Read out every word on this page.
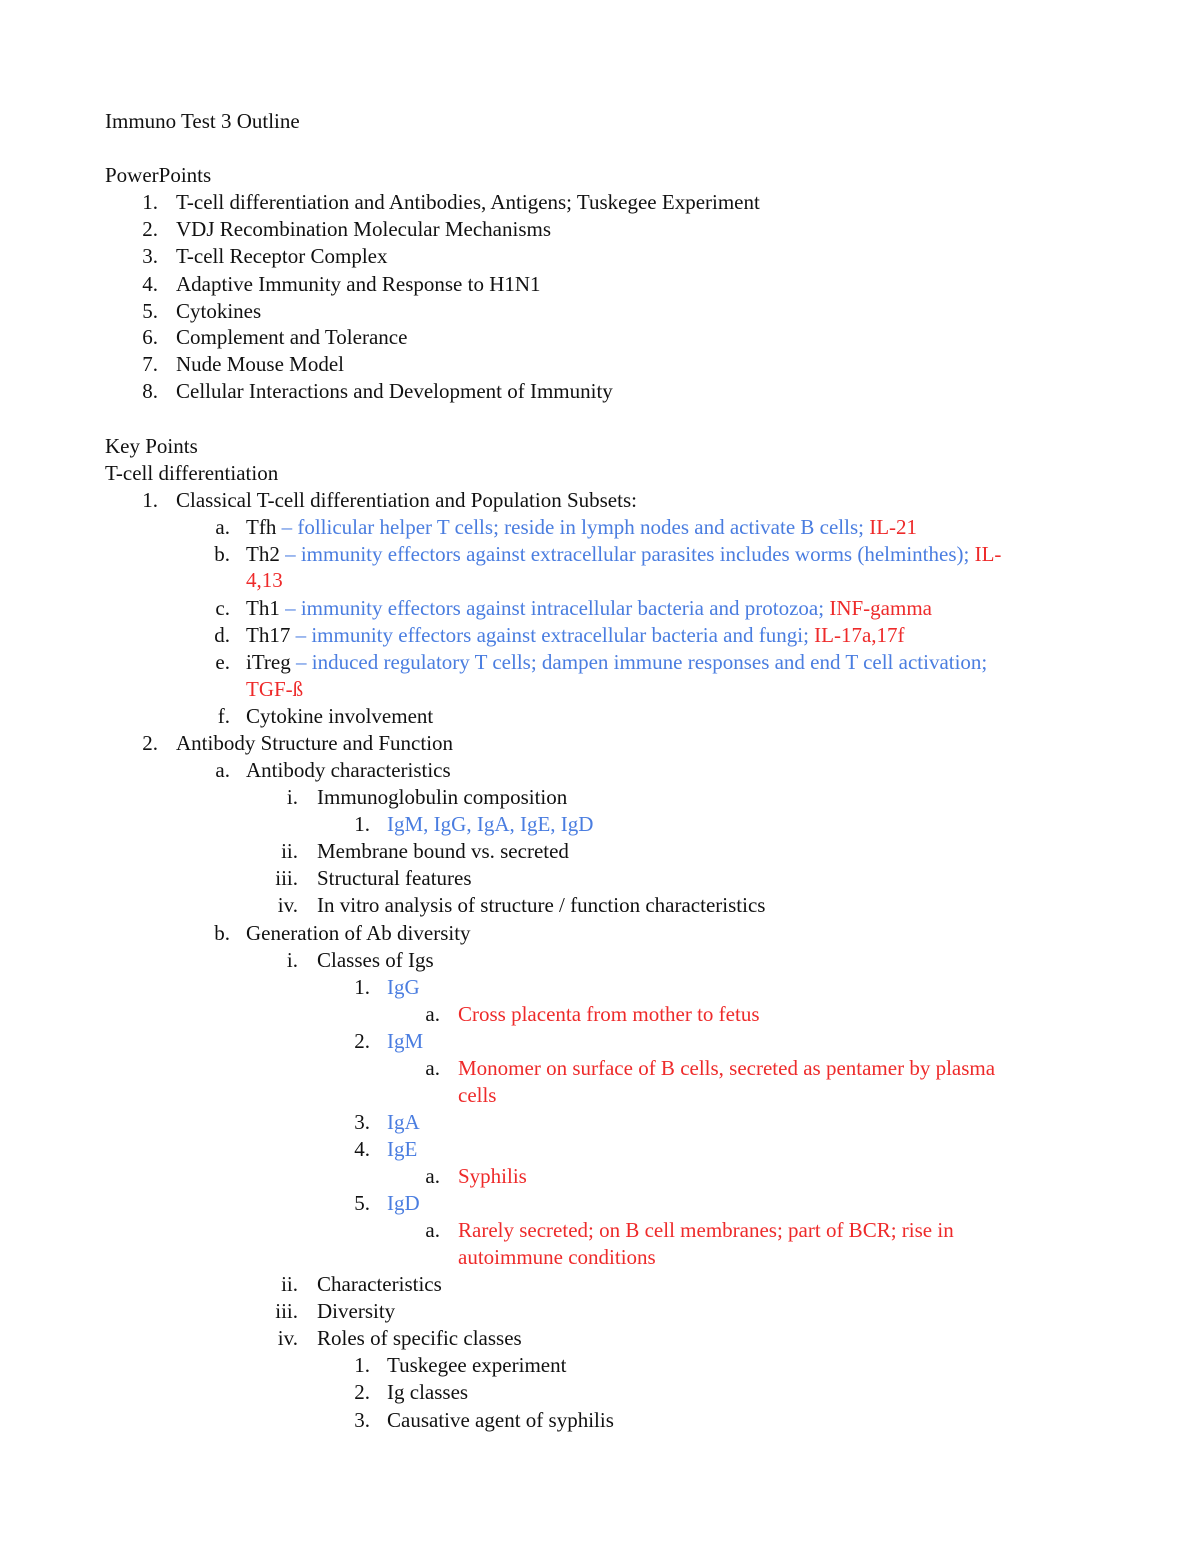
Immuno Test 3 Outline
PowerPoints
1. T-cell differentiation and Antibodies, Antigens; Tuskegee Experiment
2. VDJ Recombination Molecular Mechanisms
3. T-cell Receptor Complex
4. Adaptive Immunity and Response to H1N1
5. Cytokines
6. Complement and Tolerance
7. Nude Mouse Model
8. Cellular Interactions and Development of Immunity
Key Points
T-cell differentiation
1. Classical T-cell differentiation and Population Subsets:
a. Tfh – follicular helper T cells; reside in lymph nodes and activate B cells; IL-21
b. Th2 – immunity effectors against extracellular parasites includes worms (helminthes); IL-
4,13
c. Th1 – immunity effectors against intracellular bacteria and protozoa; INF-gamma
d. Th17 – immunity effectors against extracellular bacteria and fungi; IL-17a,17f
e. iTreg – induced regulatory T cells; dampen immune responses and end T cell activation;
TGF-ß
f. Cytokine involvement
2. Antibody Structure and Function
a. Antibody characteristics
i. Immunoglobulin composition
1. IgM, IgG, IgA, IgE, IgD
ii. Membrane bound vs. secreted
iii. Structural features
iv. In vitro analysis of structure / function characteristics
b. Generation of Ab diversity
i. Classes of Igs
1. IgG
a. Cross placenta from mother to fetus
2. IgM
a. Monomer on surface of B cells, secreted as pentamer by plasma
cells
3. IgA
4. IgE
a. Syphilis
5. IgD
a. Rarely secreted; on B cell membranes; part of BCR; rise in
autoimmune conditions
ii. Characteristics
iii. Diversity
iv. Roles of specific classes
1. Tuskegee experiment
2. Ig classes
3. Causative agent of syphilis
